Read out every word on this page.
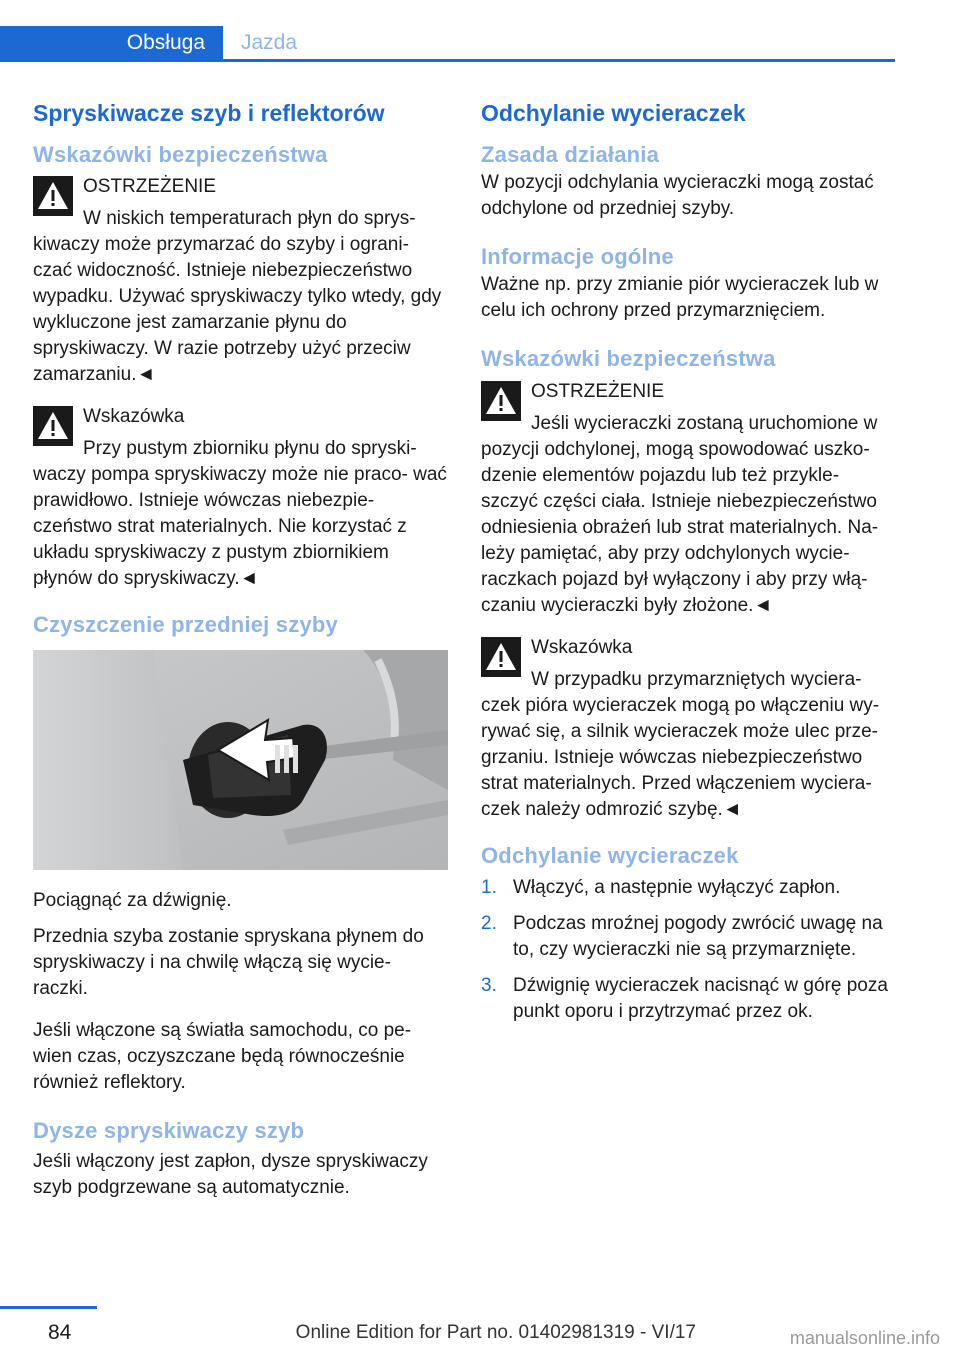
Obsługa	Jazda
Spryskiwacze szyb i reflektorów
Wskazówki bezpieczeństwa
OSTRZEŻENIE
W niskich temperaturach płyn do sprys‐
kiwaczy może przymarzać do szyby i ograni‐ czać widoczność. Istnieje niebezpieczeństwo wypadku. Używać spryskiwaczy tylko wtedy, gdy wykluczone jest zamarzanie płynu do spryskiwaczy. W razie potrzeby użyć przeciw zamarzaniu.◄
Wskazówka
Przy pustym zbiorniku płynu do spryski‐
waczy pompa spryskiwaczy może nie praco‐ wać prawidłowo. Istnieje wówczas niebezpie‐ czeństwo strat materialnych. Nie korzystać z układu spryskiwaczy z pustym zbiornikiem płynów do spryskiwaczy.◄
Czyszczenie przedniej szyby

Pociągnąć za dźwignię.

Przednia szyba zostanie spryskana płynem do spryskiwaczy i na chwilę włączą się wycie‐ raczki.

Jeśli włączone są światła samochodu, co pe‐ wien czas, oczyszczane będą równocześnie również reflektory.

Dysze spryskiwaczy szyb

Jeśli włączony jest zapłon, dysze spryskiwaczy szyb podgrzewane są automatycznie.

Odchylanie wycieraczek
Zasada działania

W pozycji odchylania wycieraczki mogą zostać odchylone od przedniej szyby.

Informacje ogólne

Ważne np. przy zmianie piór wycieraczek lub w celu ich ochrony przed przymarznięciem.

Wskazówki bezpieczeństwa
OSTRZEŻENIE
Jeśli wycieraczki zostaną uruchomione w
pozycji odchylonej, mogą spowodować uszko‐ dzenie elementów pojazdu lub też przykle‐ szczyć części ciała. Istnieje niebezpieczeństwo odniesienia obrażeń lub strat materialnych. Na‐ leży pamiętać, aby przy odchylonych wycie‐ raczkach pojazd był wyłączony i aby przy włą‐ czaniu wycieraczki były złożone.◄
Wskazówka
W przypadku przymarzniętych wyciera‐
czek pióra wycieraczek mogą po włączeniu wy‐ rywać się, a silnik wycieraczek może ulec prze‐ grzaniu. Istnieje wówczas niebezpieczeństwo strat materialnych. Przed włączeniem wyciera‐ czek należy odmrozić szybę.◄
Odchylanie wycieraczek
1. Włączyć, a następnie wyłączyć zapłon.
2. Podczas mroźnej pogody zwrócić uwagę na to, czy wycieraczki nie są przymarznięte.
3. Dźwignię wycieraczek nacisnąć w górę poza punkt oporu i przytrzymać przez ok.
84	Online Edition for Part no. 01402981319 - VI/17	manualsonline.info
